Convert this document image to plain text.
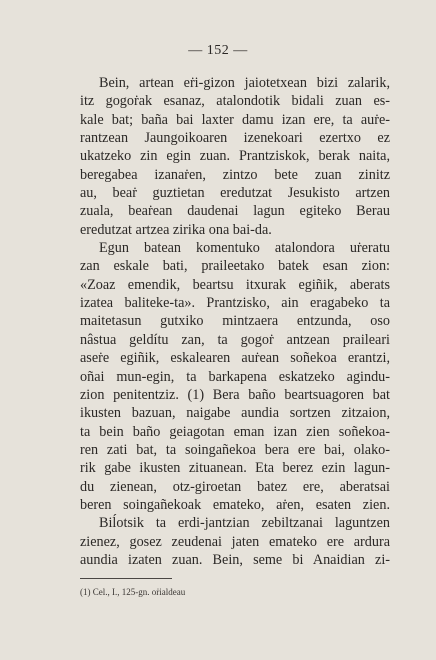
— 152 —
Bein, artean eṙi-gizon jaiotetxean bizi zalarik,
itz gogoṙak esanaz, atalondotik bidali zuan es-
kale bat; baña bai laxter damu izan ere, ta auṙe-
rantzean Jaungoikoaren izenekoari ezertxo ez
ukatzeko zin egin zuan. Prantziskok, berak naita,
beregabea izanaṙen, zintzo bete zuan zinitz
au, beaṙ guztietan eredutzat Jesukisto artzen
zuala, beaṙean daudenai lagun egiteko Berau
eredutzat artzea zirika ona bai-da.
Egun batean komentuko atalondora uṙeratu
zan eskale bati, praileetako batek esan zion:
«Zoaz emendik, beartsu itxurak egiñik, aberats
izatea baliteke-ta». Prantzisko, ain eragabeko ta
maitetasun gutxiko mintzaera entzunda, oso
nâstua geldítu zan, ta gogoṙ antzean praileari
aseṙe egiñik, eskalearen auṙean soñekoa erantzi,
oñai mun-egin, ta barkapena eskatzeko agindu-
zion penitentziz. (1) Bera baño beartsuagoren bat
ikusten bazuan, naigabe aundia sortzen zitzaion,
ta bein baño geiagotan eman izan zien soñekoa-
ren zati bat, ta soingañekoa bera ere bai, olako-
rik gabe ikusten zituanean. Eta berez ezin lagun-
du zienean, otz-giroetan batez ere, aberatsai
beren soingañekoak emateko, aṙen, esaten zien.
Biĺotsik ta erdi-jantzian zebiltzanai laguntzen
zienez, gosez zeudenai jaten emateko ere ardura
aundia izaten zuan. Bein, seme bi Anaidian zi-
(1) Cel., I., 125-gn. oṙialdeau
